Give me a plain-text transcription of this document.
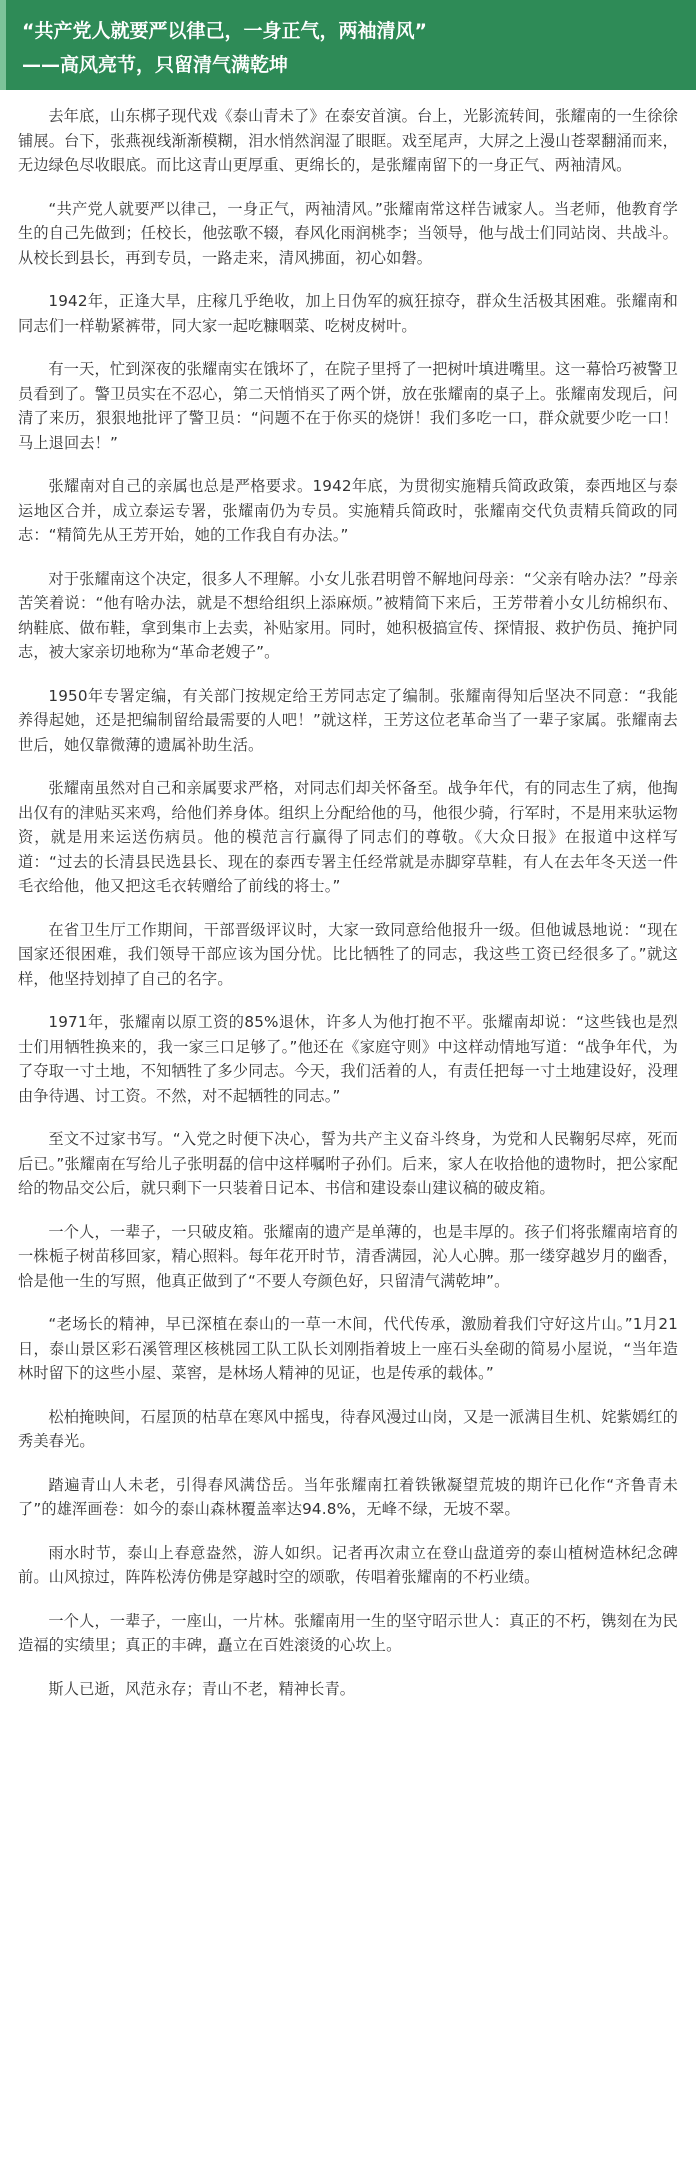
“共产党人就要严以律己，一身正气，两袖清风”
——高风亮节，只留清气满乾坤

去年底，山东梆子现代戏《泰山青未了》在泰安首演。台上，光影流转间，张耀南的一生徐徐铺展。台下，张燕视线渐渐模糊，泪水悄然润湿了眼眶。戏至尾声，大屏之上漫山苍翠翻涌而来，无边绿色尽收眼底。而比这青山更厚重、更绵长的，是张耀南留下的一身正气、两袖清风。

“共产党人就要严以律己，一身正气，两袖清风。”张耀南常这样告诫家人。当老师，他教育学生的自己先做到；任校长，他弦歌不辍，春风化雨润桃李；当领导，他与战士们同站岗、共战斗。从校长到县长，再到专员，一路走来，清风拂面，初心如磐。

1942年，正逢大旱，庄稼几乎绝收，加上日伪军的疯狂掠夺，群众生活极其困难。张耀南和同志们一样勒紧裤带，同大家一起吃糠咽菜、吃树皮树叶。

有一天，忙到深夜的张耀南实在饿坏了，在院子里捋了一把树叶填进嘴里。这一幕恰巧被警卫员看到了。警卫员实在不忍心，第二天悄悄买了两个饼，放在张耀南的桌子上。张耀南发现后，问清了来历，狠狠地批评了警卫员：“问题不在于你买的烧饼！我们多吃一口，群众就要少吃一口！马上退回去！”

张耀南对自己的亲属也总是严格要求。1942年底，为贯彻实施精兵简政政策，泰西地区与泰运地区合并，成立泰运专署，张耀南仍为专员。实施精兵简政时，张耀南交代负责精兵简政的同志：“精简先从王芳开始，她的工作我自有办法。”

对于张耀南这个决定，很多人不理解。小女儿张君明曾不解地问母亲：“父亲有啥办法？”母亲苦笑着说：“他有啥办法，就是不想给组织上添麻烦。”被精简下来后，王芳带着小女儿纺棉织布、纳鞋底、做布鞋，拿到集市上去卖，补贴家用。同时，她积极搞宣传、探情报、救护伤员、掩护同志，被大家亲切地称为“革命老嫂子”。

1950年专署定编，有关部门按规定给王芳同志定了编制。张耀南得知后坚决不同意：“我能养得起她，还是把编制留给最需要的人吧！”就这样，王芳这位老革命当了一辈子家属。张耀南去世后，她仅靠微薄的遗属补助生活。

张耀南虽然对自己和亲属要求严格，对同志们却关怀备至。战争年代，有的同志生了病，他掏出仅有的津贴买来鸡，给他们养身体。组织上分配给他的马，他很少骑，行军时，不是用来驮运物资，就是用来运送伤病员。他的模范言行赢得了同志们的尊敬。《大众日报》在报道中这样写道：“过去的长清县民选县长、现在的泰西专署主任经常就是赤脚穿草鞋，有人在去年冬天送一件毛衣给他，他又把这毛衣转赠给了前线的将士。”

在省卫生厅工作期间，干部晋级评议时，大家一致同意给他报升一级。但他诚恳地说：“现在国家还很困难，我们领导干部应该为国分忧。比比牺牲了的同志，我这些工资已经很多了。”就这样，他坚持划掉了自己的名字。

1971年，张耀南以原工资的85%退休，许多人为他打抱不平。张耀南却说：“这些钱也是烈士们用牺牲换来的，我一家三口足够了。”他还在《家庭守则》中这样动情地写道：“战争年代，为了夺取一寸土地，不知牺牲了多少同志。今天，我们活着的人，有责任把每一寸土地建设好，没理由争待遇、讨工资。不然，对不起牺牲的同志。”

至文不过家书写。“入党之时便下决心，誓为共产主义奋斗终身，为党和人民鞠躬尽瘁，死而后已。”张耀南在写给儿子张明磊的信中这样嘱咐子孙们。后来，家人在收拾他的遗物时，把公家配给的物品交公后，就只剩下一只装着日记本、书信和建设泰山建议稿的破皮箱。

一个人，一辈子，一只破皮箱。张耀南的遗产是单薄的，也是丰厚的。孩子们将张耀南培育的一株栀子树苗移回家，精心照料。每年花开时节，清香满园，沁人心脾。那一缕穿越岁月的幽香，恰是他一生的写照，他真正做到了“不要人夸颜色好，只留清气满乾坤”。

“老场长的精神，早已深植在泰山的一草一木间，代代传承，激励着我们守好这片山。”1月21日，泰山景区彩石溪管理区核桃园工队工队长刘刚指着坡上一座石头垒砌的简易小屋说，“当年造林时留下的这些小屋、菜窖，是林场人精神的见证，也是传承的载体。”

松柏掩映间，石屋顶的枯草在寒风中摇曳，待春风漫过山岗，又是一派满目生机、姹紫嫣红的秀美春光。

踏遍青山人未老，引得春风满岱岳。当年张耀南扛着铁锹凝望荒坡的期许已化作“齐鲁青未了”的雄浑画卷：如今的泰山森林覆盖率达94.8%，无峰不绿，无坡不翠。

雨水时节，泰山上春意盎然，游人如织。记者再次肃立在登山盘道旁的泰山植树造林纪念碑前。山风掠过，阵阵松涛仿佛是穿越时空的颂歌，传唱着张耀南的不朽业绩。

一个人，一辈子，一座山，一片林。张耀南用一生的坚守昭示世人：真正的不朽，镌刻在为民造福的实绩里；真正的丰碑，矗立在百姓滚烫的心坎上。

斯人已逝，风范永存；青山不老，精神长青。
